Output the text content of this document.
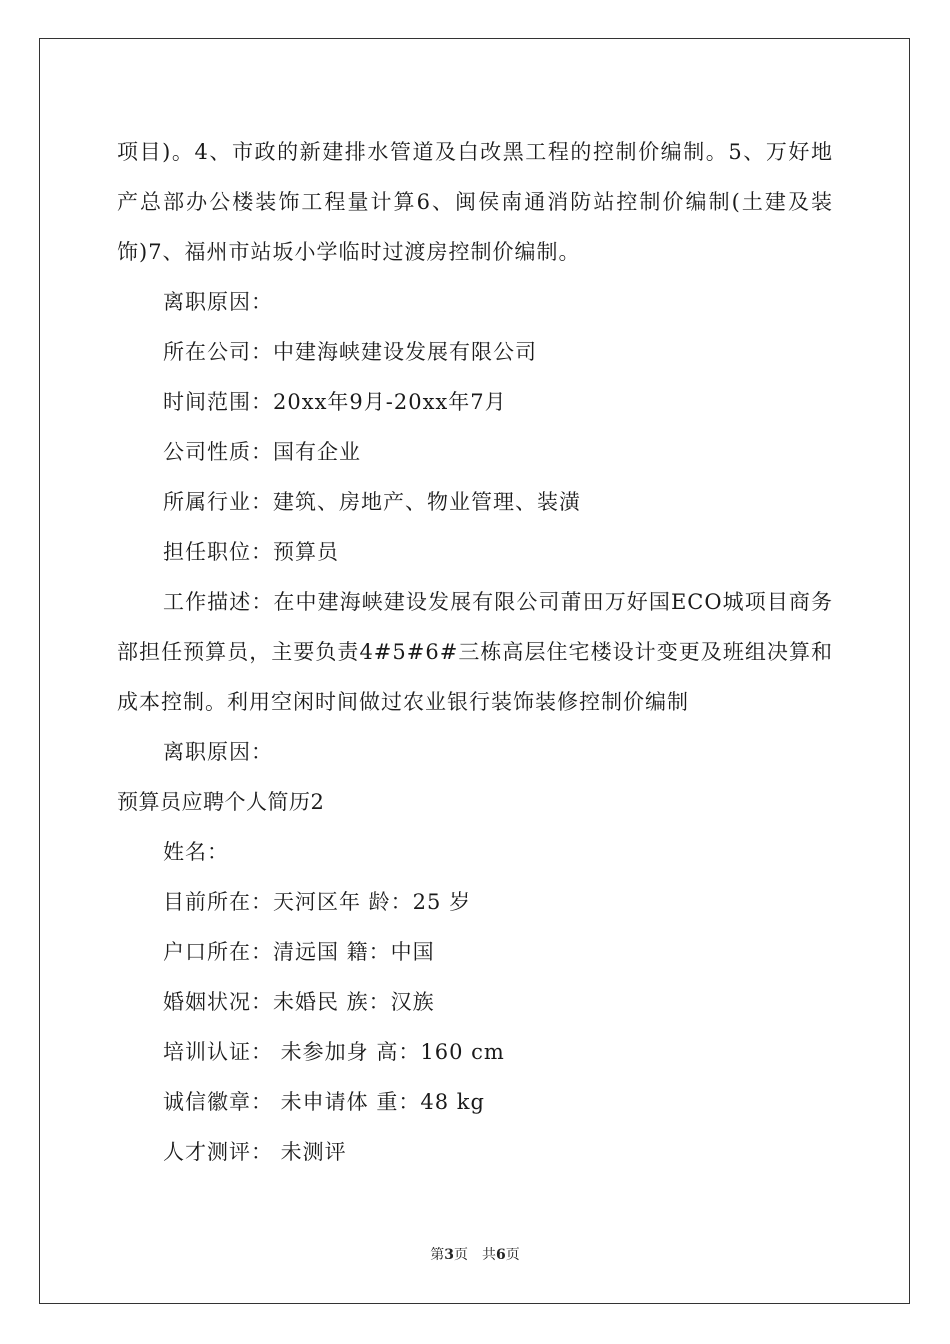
项目)。4、市政的新建排水管道及白改黑工程的控制价编制。5、万好地产总部办公楼装饰工程量计算6、闽侯南通消防站控制价编制(土建及装饰)7、福州市站坂小学临时过渡房控制价编制。

离职原因：

所在公司：中建海峡建设发展有限公司

时间范围：20xx年9月-20xx年7月

公司性质：国有企业

所属行业：建筑、房地产、物业管理、装潢

担任职位：预算员

工作描述：在中建海峡建设发展有限公司莆田万好国ECO城项目商务部担任预算员，主要负责4#5#6#三栋高层住宅楼设计变更及班组决算和成本控制。利用空闲时间做过农业银行装饰装修控制价编制

离职原因：

预算员应聘个人简历2

姓名：

目前所在：天河区年 龄：25 岁

户口所在：清远国 籍：中国

婚姻状况：未婚民 族：汉族

培训认证： 未参加身 高：160 cm

诚信徽章： 未申请体 重：48 kg

人才测评： 未测评

第3页 共6页
